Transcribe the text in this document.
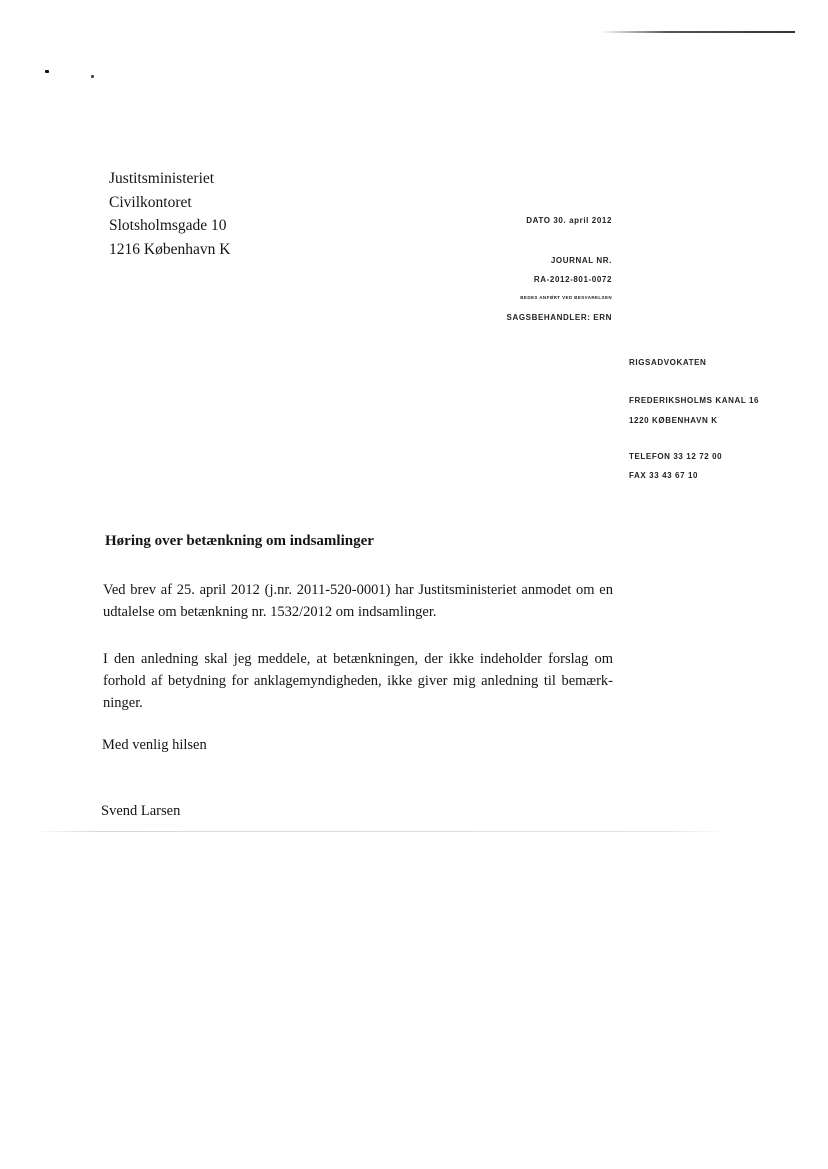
Justitsministeriet
Civilkontoret
Slotsholmsgade 10
1216 København K
DATO 30. april 2012
JOURNAL NR.
RA-2012-801-0072
BEDES ANFØRT VED BESVARELSEN
SAGSBEHANDLER: ERN
RIGSADVOKATEN
FREDERIKSHOLMS KANAL 16
1220 KØBENHAVN K
TELEFON 33 12 72 00
FAX 33 43 67 10
Høring over betænkning om indsamlinger
Ved brev af 25. april 2012 (j.nr. 2011-520-0001) har Justitsministeriet anmodet om en
udtalelse om betænkning nr. 1532/2012 om indsamlinger.
I den anledning skal jeg meddele, at betænkningen, der ikke indeholder forslag om
forhold af betydning for anklagemyndigheden, ikke giver mig anledning til bemærk-
ninger.
Med venlig hilsen
Svend Larsen
